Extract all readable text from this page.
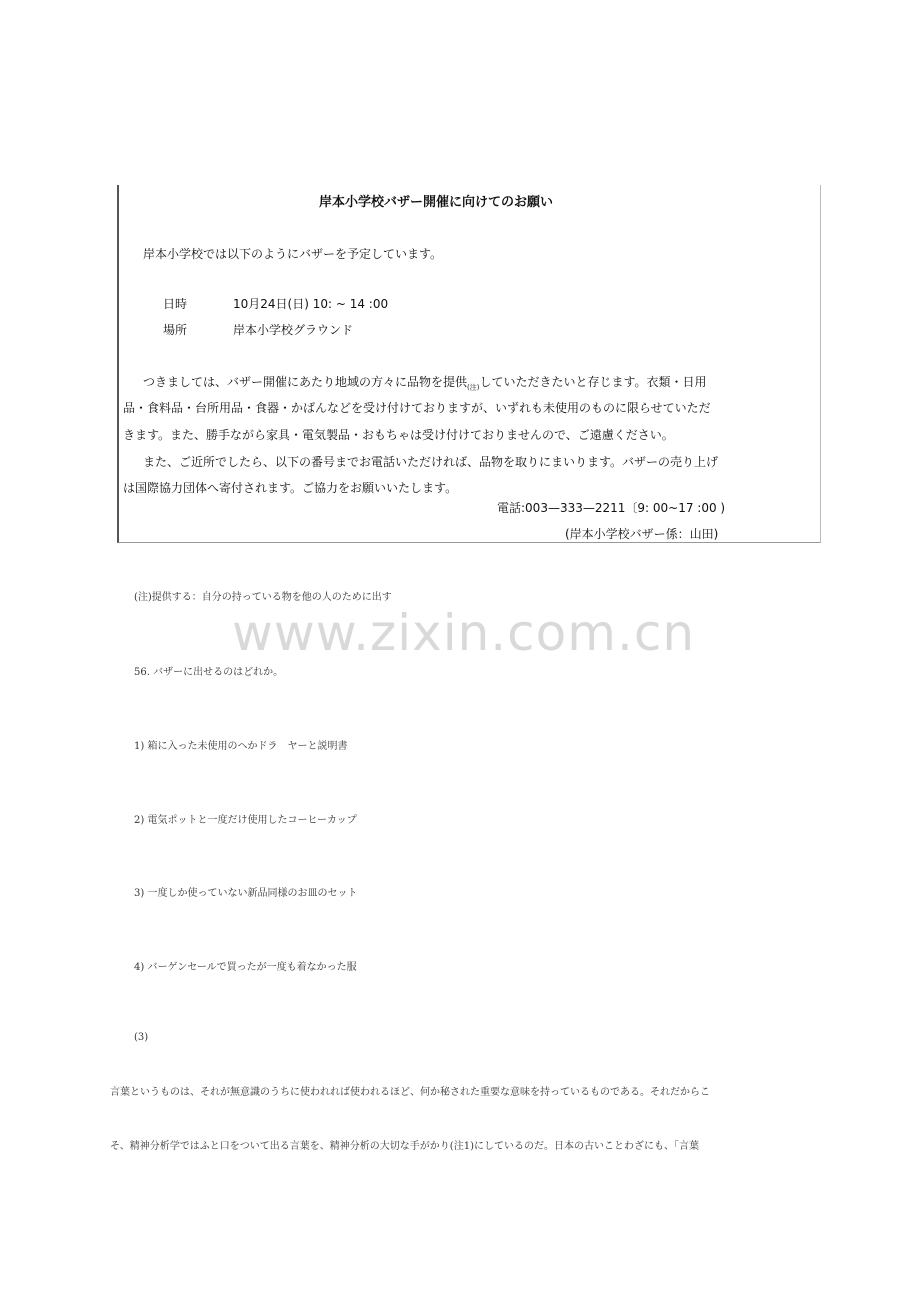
岸本小学校バザー開催に向けてのお願い
岸本小学校では以下のようにバザーを予定しています。
日時	10月24日(日) 10: ~ 14 :00
場所	岸本小学校グラウンド
つきましては、バザー開催にあたり地域の方々に品物を提供$_{(注)}$していただきたいと存じます。衣類・日用
品・食料品・台所用品・食器・かばんなどを受け付けておりますが、いずれも未使用のものに限らせていただ
きます。また、勝手ながら家具・電気製品・おもちゃは受け付けておりませんので、ご遠慮ください。
また、ご近所でしたら、以下の番号までお電話いただければ、品物を取りにまいります。バザーの売り上げ
は国際協力団体へ寄付されます。ご協力をお願いいたします。
電話:003—333—2211〔9: 00~17 :00 )
(岸本小学校バザー係：山田)
(注)提供する：自分の持っている物を他の人のために出す
www.zixin.com.cn
56. バザーに出せるのはどれか。
1) 箱に入った未使用のヘかドラ　ヤーと説明書
2) 電気ポットと一度だけ使用したコーヒーカップ
3) 一度しか使っていない新品同様のお皿のセット
4) バーゲンセールで買ったが一度も着なかった服
(3)
言葉というものは、それが無意識のうちに使われれば使われるほど、何か秘された重要な意味を持っているものである。それだからこ
そ、精神分析学ではふと口をついて出る言葉を、精神分析の大切な手がかり(注1)にしているのだ。日本の古いことわざにも、「言葉
